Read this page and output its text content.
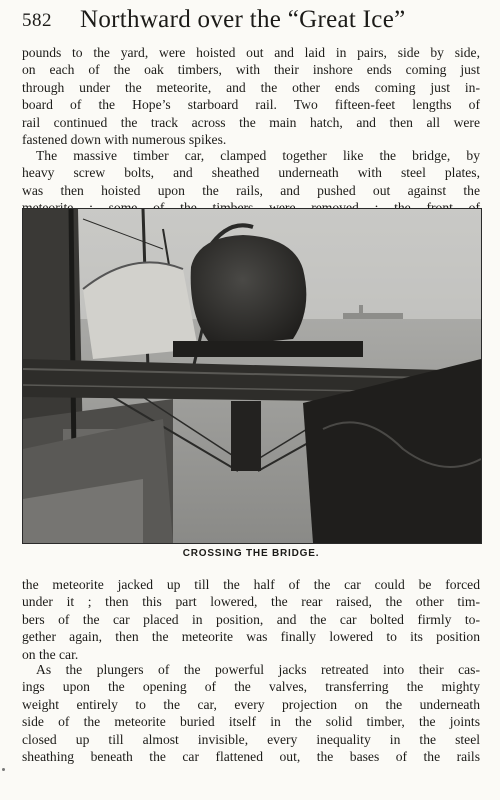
582 Northward over the “Great Ice”
pounds to the yard, were hoisted out and laid in pairs, side by side,
on each of the oak timbers, with their inshore ends coming just
through under the meteorite, and the other ends coming just in-
board of the Hope’s starboard rail. Two fifteen-feet lengths of
rail continued the track across the main hatch, and then all were
fastened down with numerous spikes.
The massive timber car, clamped together like the bridge, by
heavy screw bolts, and sheathed underneath with steel plates,
was then hoisted upon the rails, and pushed out against the
CROSSING THE BRIDGE.
the meteorite jacked up till the half of the car could be forced
under it ; then this part lowered, the rear raised, the other tim-
bers of the car placed in position, and the car bolted firmly to-
gether again, then the meteorite was finally lowered to its position
on the car.
As the plungers of the powerful jacks retreated into their cas-
ings upon the opening of the valves, transferring the mighty
weight entirely to the car, every projection on the underneath
side of the meteorite buried itself in the solid timber, the joints
closed up till almost invisible, every inequality in the steel
sheathing beneath the car flattened out, the bases of the rails
